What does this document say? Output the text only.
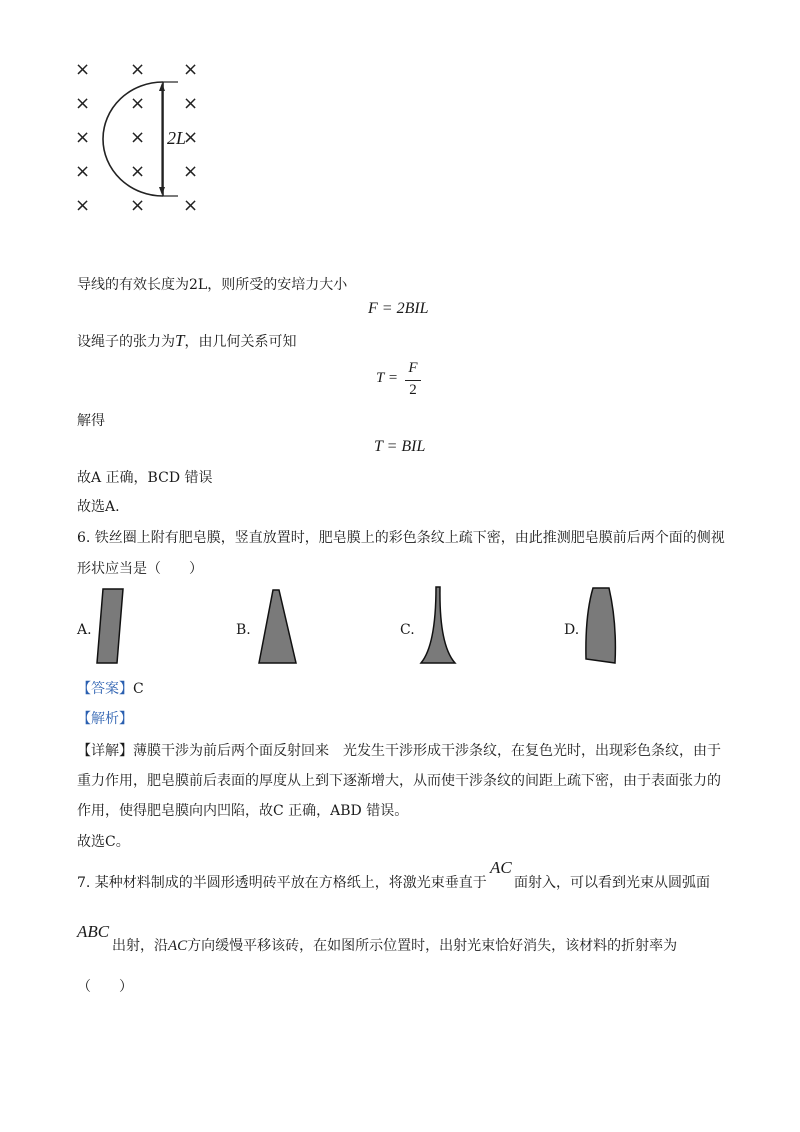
× × ×
× × ×
× × ×
× × ×
× × ×
2L
导线的有效长度为2L，则所受的安培力大小
F = 2BIL
设绳子的张力为T，由几何关系可知
T =
F
2
解得
T = BIL
故A 正确，BCD 错误
故选A.
6. 铁丝圈上附有肥皂膜，竖直放置时，肥皂膜上的彩色条纹上疏下密，由此推测肥皂膜前后两个面的侧视
形状应当是（　　）
A.	B.	C.	D.
【答案】C
【解析】
【详解】薄膜干涉为前后两个面反射回来　光发生干涉形成干涉条纹，在复色光时，出现彩色条纹，由于
重力作用，肥皂膜前后表面的厚度从上到下逐渐增大，从而使干涉条纹的间距上疏下密，由于表面张力的
作用，使得肥皂膜向内凹陷，故C 正确，ABD 错误。
故选C。
7. 某种材料制成的半圆形透明砖平放在方格纸上，将激光束垂直于
AC
面射入，可以看到光束从圆弧面
ABC
出射，沿AC方向缓慢平移该砖，在如图所示位置时，出射光束恰好消失，该材料的折射率为
（　　）
